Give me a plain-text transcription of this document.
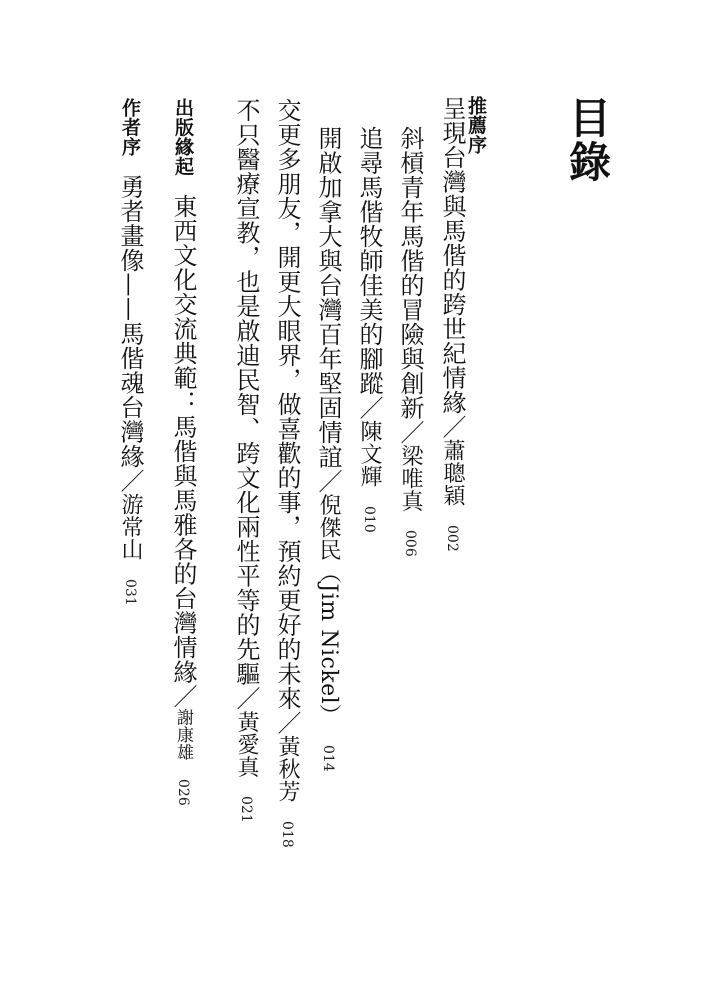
目錄
推薦序
呈現台灣與馬偕的跨世紀情緣／蕭聰穎002
斜槓青年馬偕的冒險與創新／梁唯真006
追尋馬偕牧師佳美的腳蹤／陳文輝010
開啟加拿大與台灣百年堅固情誼／倪傑民（Jim Nickel）014
交更多朋友，開更大眼界，做喜歡的事，預約更好的未來／黃秋芳018
不只醫療宣教，也是啟迪民智、跨文化兩性平等的先驅／黃愛真021
出版緣起東西文化交流典範：馬偕與馬雅各的台灣情緣／謝康雄026
作者序勇者畫像——馬偕魂台灣緣／游常山031
